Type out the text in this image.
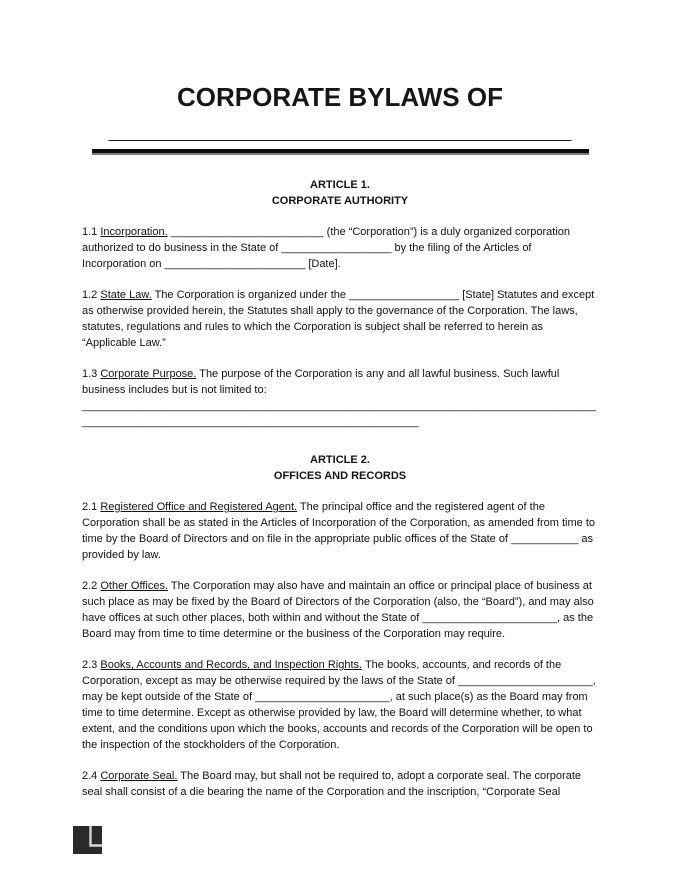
CORPORATE BYLAWS OF
________________________________
ARTICLE 1.
CORPORATE AUTHORITY

1.1 Incorporation. _________________________ (the “Corporation”) is a duly organized corporation authorized to do business in the State of __________________ by the filing of the Articles of Incorporation on _______________________ [Date].

1.2 State Law. The Corporation is organized under the __________________ [State] Statutes and except as otherwise provided herein, the Statutes shall apply to the governance of the Corporation. The laws, statutes, regulations and rules to which the Corporation is subject shall be referred to herein as “Applicable Law.”

1.3 Corporate Purpose. The purpose of the Corporation is any and all lawful business. Such lawful business includes but is not limited to: ___________________________________________________________________________________________________________________________________________

ARTICLE 2.
OFFICES AND RECORDS

2.1 Registered Office and Registered Agent. The principal office and the registered agent of the Corporation shall be as stated in the Articles of Incorporation of the Corporation, as amended from time to time by the Board of Directors and on file in the appropriate public offices of the State of ___________ as provided by law.

2.2 Other Offices. The Corporation may also have and maintain an office or principal place of business at such place as may be fixed by the Board of Directors of the Corporation (also, the “Board”), and may also have offices at such other places, both within and without the State of ______________________, as the Board may from time to time determine or the business of the Corporation may require.

2.3 Books, Accounts and Records, and Inspection Rights. The books, accounts, and records of the Corporation, except as may be otherwise required by the laws of the State of ______________________, may be kept outside of the State of ______________________, at such place(s) as the Board may from time to time determine. Except as otherwise provided by law, the Board will determine whether, to what extent, and the conditions upon which the books, accounts and records of the Corporation will be open to the inspection of the stockholders of the Corporation.

2.4 Corporate Seal. The Board may, but shall not be required to, adopt a corporate seal. The corporate seal shall consist of a die bearing the name of the Corporation and the inscription, “Corporate Seal
